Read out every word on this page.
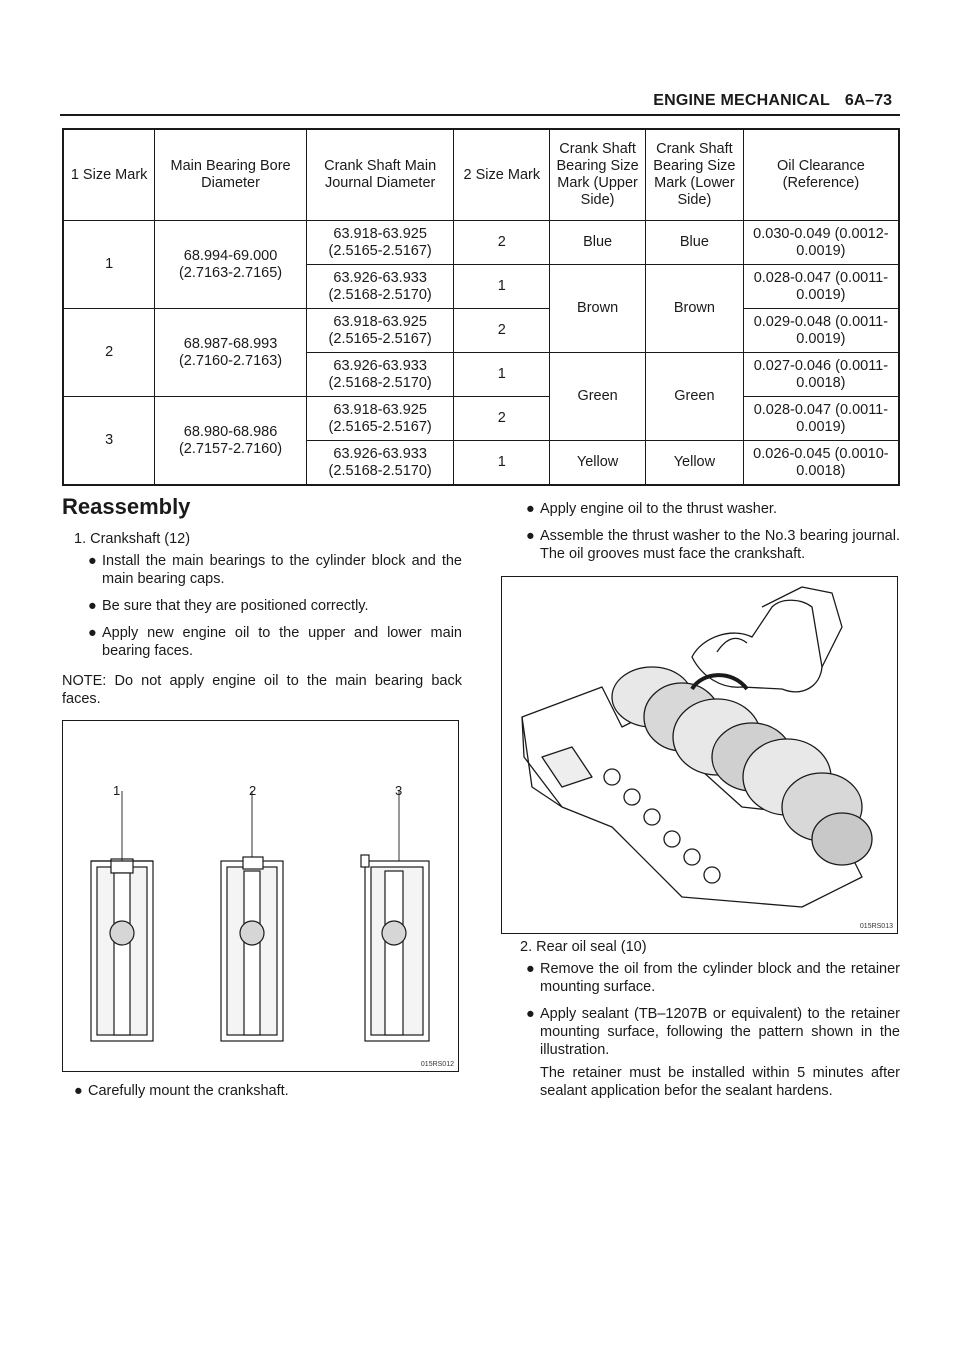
ENGINE MECHANICAL 6A–73
1 Size Mark	Main Bearing Bore Diameter	Crank Shaft Main Journal Diameter	2 Size Mark	Crank Shaft Bearing Size Mark (Upper Side)	Crank Shaft Bearing Size Mark (Lower Side)	Oil Clearance (Reference)
1	68.994-69.000 (2.7163-2.7165)	63.918-63.925 (2.5165-2.5167)	2	Blue	Blue	0.030-0.049 (0.0012-0.0019)
		63.926-63.933 (2.5168-2.5170)	1	Brown	Brown	0.028-0.047 (0.0011-0.0019)
2	68.987-68.993 (2.7160-2.7163)	63.918-63.925 (2.5165-2.5167)	2			0.029-0.048 (0.0011-0.0019)
		63.926-63.933 (2.5168-2.5170)	1	Green	Green	0.027-0.046 (0.0011-0.0018)
3	68.980-68.986 (2.7157-2.7160)	63.918-63.925 (2.5165-2.5167)	2			0.028-0.047 (0.0011-0.0019)
		63.926-63.933 (2.5168-2.5170)	1	Yellow	Yellow	0.026-0.045 (0.0010-0.0018)
Reassembly
1. Crankshaft (12)
● Install the main bearings to the cylinder block and the main bearing caps.
● Be sure that they are positioned correctly.
● Apply new engine oil to the upper and lower main bearing faces.
NOTE: Do not apply engine oil to the main bearing back faces.
1	2	3
015RS012
● Carefully mount the crankshaft.
● Apply engine oil to the thrust washer.
● Assemble the thrust washer to the No.3 bearing journal. The oil grooves must face the crankshaft.
015RS013
2. Rear oil seal (10)
● Remove the oil from the cylinder block and the retainer mounting surface.
● Apply sealant (TB–1207B or equivalent) to the retainer mounting surface, following the pattern shown in the illustration.
The retainer must be installed within 5 minutes after sealant application befor the sealant hardens.
